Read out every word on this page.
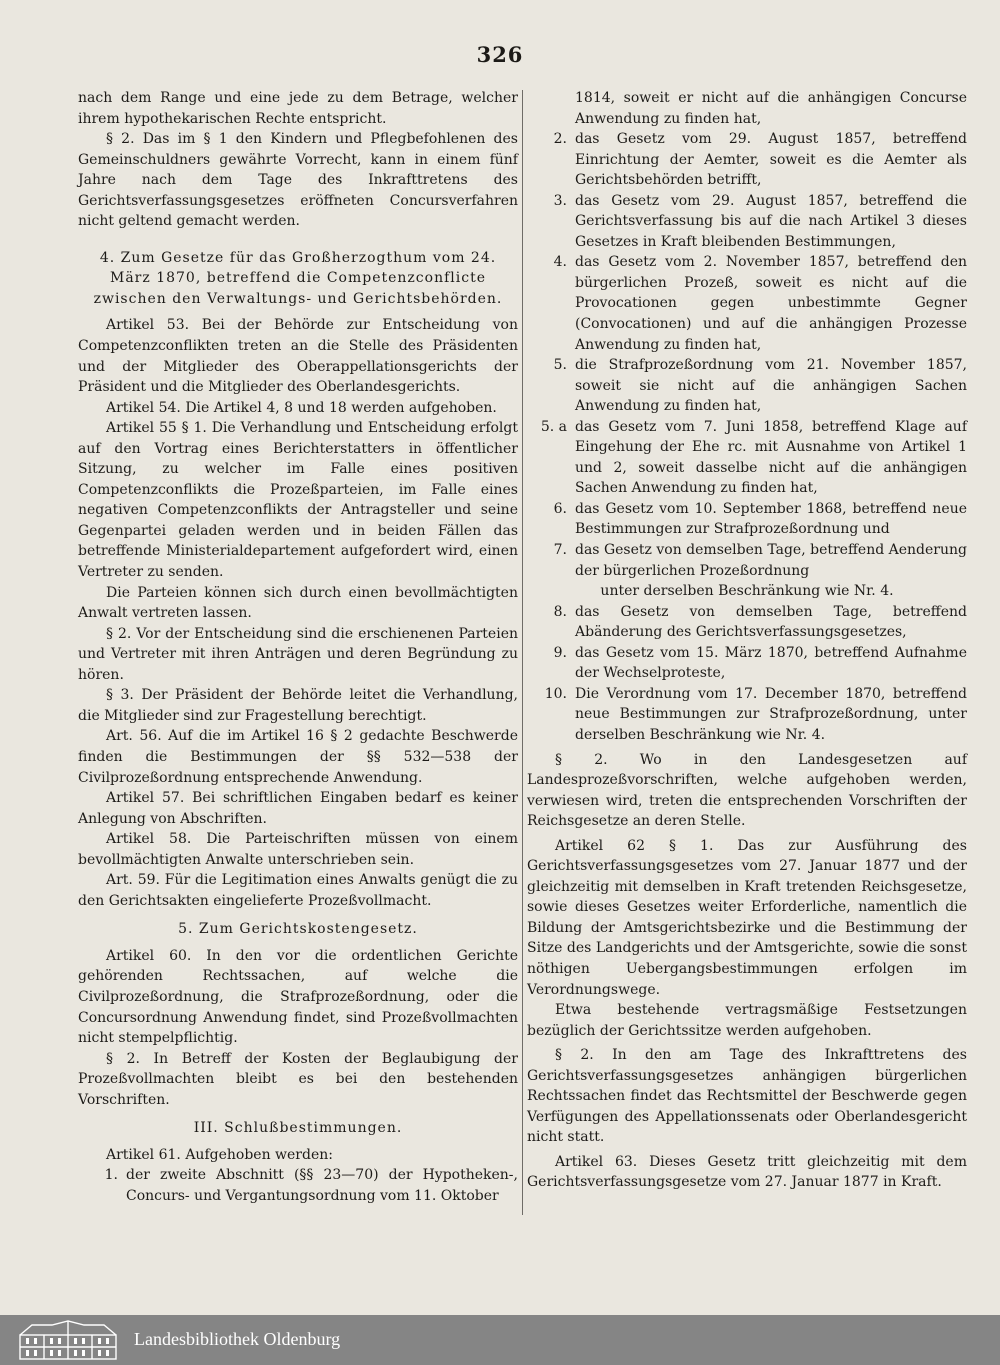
326

nach dem Range und eine jede zu dem Betrage, welcher ihrem hypothekarischen Rechte entspricht.

§ 2. Das im § 1 den Kindern und Pflegbefohlenen des Gemeinschuldners gewährte Vorrecht, kann in einem fünf Jahre nach dem Tage des Inkrafttretens des Gerichtsverfassungsgesetzes eröffneten Concursverfahren nicht geltend gemacht werden.

4. Zum Gesetze für das Großherzogthum vom 24. März 1870, betreffend die Competenzconflicte zwischen den Verwaltungs- und Gerichtsbehörden.

Artikel 53. Bei der Behörde zur Entscheidung von Competenzconflikten treten an die Stelle des Präsidenten und der Mitglieder des Oberappellationsgerichts der Präsident und die Mitglieder des Oberlandesgerichts.

Artikel 54. Die Artikel 4, 8 und 18 werden aufgehoben.

Artikel 55 § 1. Die Verhandlung und Entscheidung erfolgt auf den Vortrag eines Berichterstatters in öffentlicher Sitzung, zu welcher im Falle eines positiven Competenzconflikts die Prozeßparteien, im Falle eines negativen Competenzconflikts der Antragsteller und seine Gegenpartei geladen werden und in beiden Fällen das betreffende Ministerialdepartement aufgefordert wird, einen Vertreter zu senden.

Die Parteien können sich durch einen bevollmächtigten Anwalt vertreten lassen.

§ 2. Vor der Entscheidung sind die erschienenen Parteien und Vertreter mit ihren Anträgen und deren Begründung zu hören.

§ 3. Der Präsident der Behörde leitet die Verhandlung, die Mitglieder sind zur Fragestellung berechtigt.

Art. 56. Auf die im Artikel 16 § 2 gedachte Beschwerde finden die Bestimmungen der §§ 532—538 der Civilprozeßordnung entsprechende Anwendung.

Artikel 57. Bei schriftlichen Eingaben bedarf es keiner Anlegung von Abschriften.

Artikel 58. Die Parteischriften müssen von einem bevollmächtigten Anwalte unterschrieben sein.

Art. 59. Für die Legitimation eines Anwalts genügt die zu den Gerichtsakten eingelieferte Prozeßvollmacht.

5. Zum Gerichtskostengesetz.

Artikel 60. In den vor die ordentlichen Gerichte gehörenden Rechtssachen, auf welche die Civilprozeßordnung, die Strafprozeßordnung, oder die Concursordnung Anwendung findet, sind Prozeßvollmachten nicht stempelpflichtig.

§ 2. In Betreff der Kosten der Beglaubigung der Prozeßvollmachten bleibt es bei den bestehenden Vorschriften.

III. Schlußbestimmungen.

Artikel 61. Aufgehoben werden:

1. der zweite Abschnitt (§§ 23—70) der Hypotheken-, Concurs- und Vergantungsordnung vom 11. Oktober
1814, soweit er nicht auf die anhängigen Concurse Anwendung zu finden hat,
2. das Gesetz vom 29. August 1857, betreffend Einrichtung der Aemter, soweit es die Aemter als Gerichtsbehörden betrifft,
3. das Gesetz vom 29. August 1857, betreffend die Gerichtsverfassung bis auf die nach Artikel 3 dieses Gesetzes in Kraft bleibenden Bestimmungen,
4. das Gesetz vom 2. November 1857, betreffend den bürgerlichen Prozeß, soweit es nicht auf die Provocationen gegen unbestimmte Gegner (Convocationen) und auf die anhängigen Prozesse Anwendung zu finden hat,
5. die Strafprozeßordnung vom 21. November 1857, soweit sie nicht auf die anhängigen Sachen Anwendung zu finden hat,
5. a das Gesetz vom 7. Juni 1858, betreffend Klage auf Eingehung der Ehe rc. mit Ausnahme von Artikel 1 und 2, soweit dasselbe nicht auf die anhängigen Sachen Anwendung zu finden hat,
6. das Gesetz vom 10. September 1868, betreffend neue Bestimmungen zur Strafprozeßordnung und
7. das Gesetz von demselben Tage, betreffend Aenderung der bürgerlichen Prozeßordnung

unter derselben Beschränkung wie Nr. 4.

8. das Gesetz von demselben Tage, betreffend Abänderung des Gerichtsverfassungsgesetzes,
9. das Gesetz vom 15. März 1870, betreffend Aufnahme der Wechselproteste,
10. Die Verordnung vom 17. December 1870, betreffend neue Bestimmungen zur Strafprozeßordnung, unter derselben Beschränkung wie Nr. 4.

§ 2. Wo in den Landesgesetzen auf Landesprozeßvorschriften, welche aufgehoben werden, verwiesen wird, treten die entsprechenden Vorschriften der Reichsgesetze an deren Stelle.

Artikel 62 § 1. Das zur Ausführung des Gerichtsverfassungsgesetzes vom 27. Januar 1877 und der gleichzeitig mit demselben in Kraft tretenden Reichsgesetze, sowie dieses Gesetzes weiter Erforderliche, namentlich die Bildung der Amtsgerichtsbezirke und die Bestimmung der Sitze des Landgerichts und der Amtsgerichte, sowie die sonst nöthigen Uebergangsbestimmungen erfolgen im Verordnungswege.

Etwa bestehende vertragsmäßige Festsetzungen bezüglich der Gerichtssitze werden aufgehoben.

§ 2. In den am Tage des Inkrafttretens des Gerichtsverfassungsgesetzes anhängigen bürgerlichen Rechtssachen findet das Rechtsmittel der Beschwerde gegen Verfügungen des Appellationssenats oder Oberlandesgericht nicht statt.

Artikel 63. Dieses Gesetz tritt gleichzeitig mit dem Gerichtsverfassungsgesetze vom 27. Januar 1877 in Kraft.

Landesbibliothek Oldenburg
